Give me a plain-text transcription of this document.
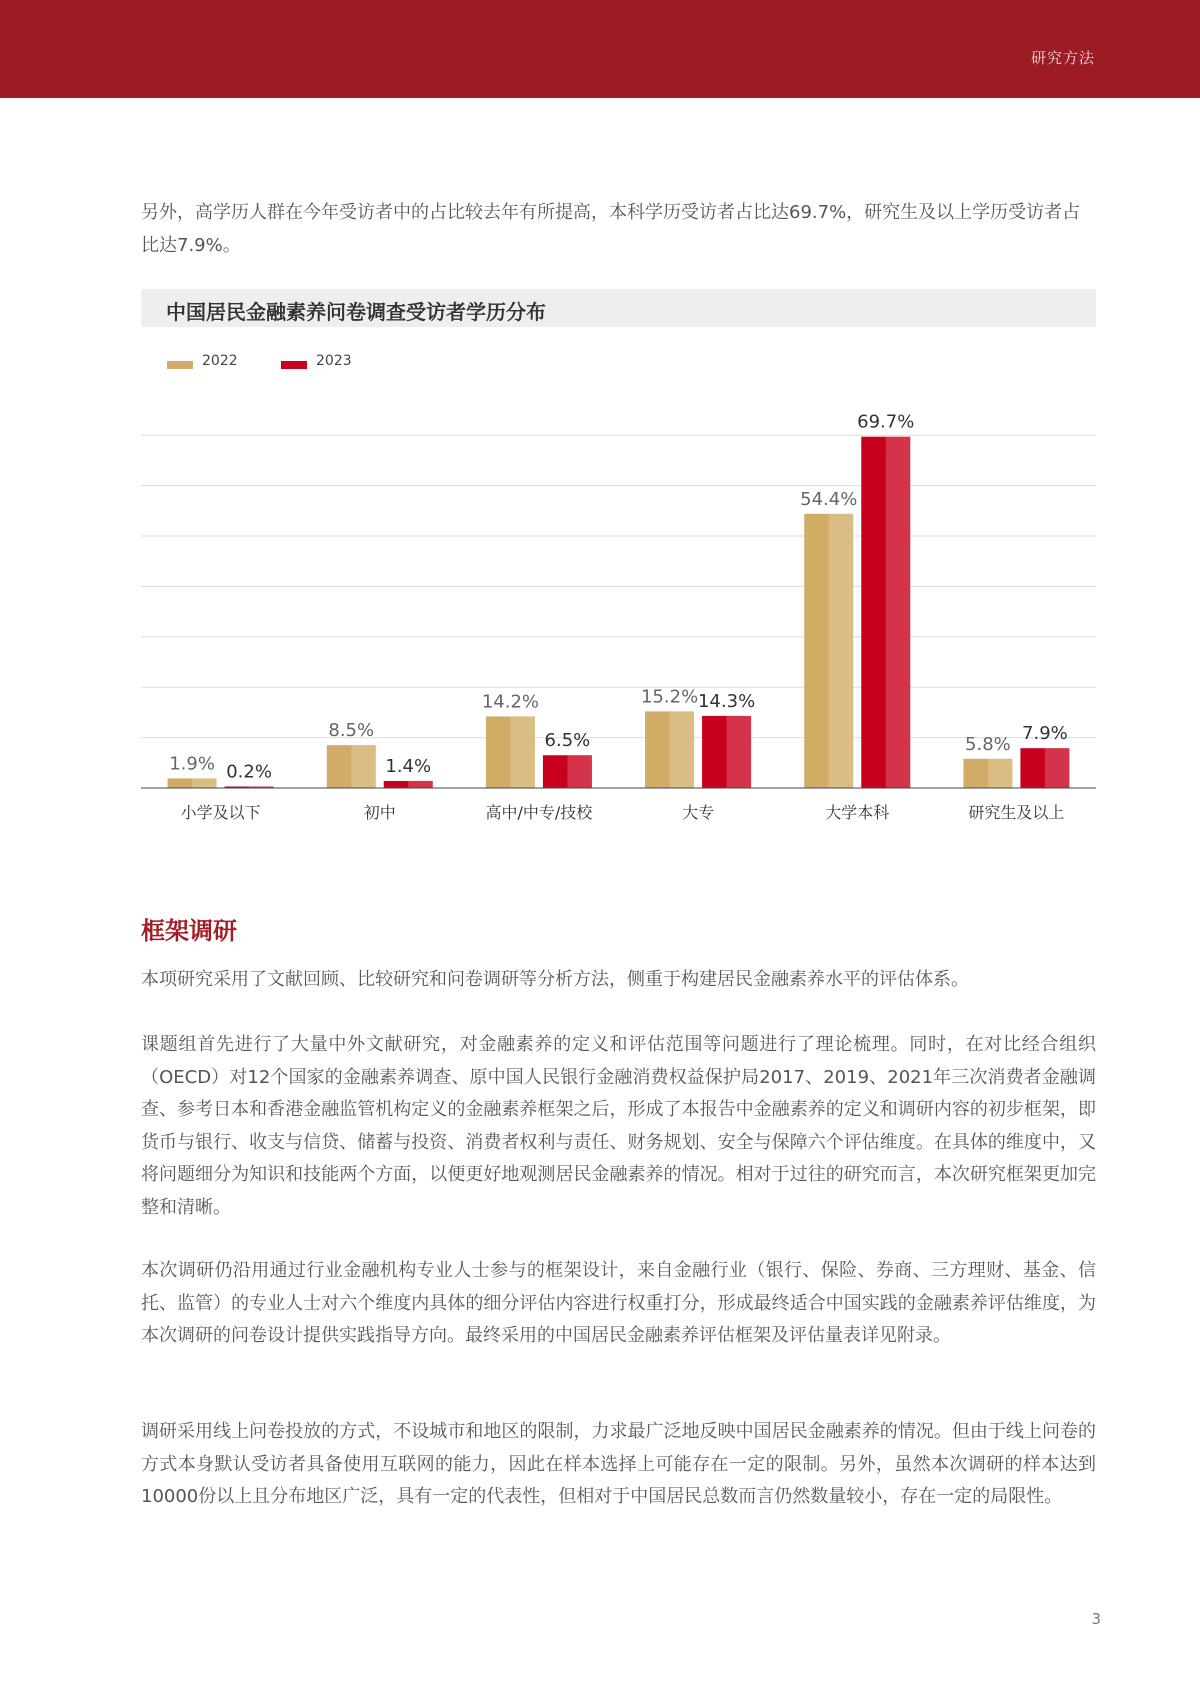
研究方法
另外，高学历人群在今年受访者中的占比较去年有所提高，本科学历受访者占比达69.7%，研究生及以上学历受访者占比达7.9%。
中国居民金融素养问卷调查受访者学历分布
2022	2023
1.9% 0.2%
小学及以下
8.5%
1.4%
初中
14.2%
6.5%
高中/中专/技校
15.2% 14.3%
大专
54.4%
69.7%
大学本科
5.8%
7.9%
研究生及以上
框架调研
本项研究采用了文献回顾、比较研究和问卷调研等分析方法，侧重于构建居民金融素养水平的评估体系。
课题组首先进行了大量中外文献研究，对金融素养的定义和评估范围等问题进行了理论梳理。同时，在对比经合组织（OECD）对12个国家的金融素养调查、原中国人民银行金融消费权益保护局2017、2019、2021年三次消费者金融调查、参考日本和香港金融监管机构定义的金融素养框架之后，形成了本报告中金融素养的定义和调研内容的初步框架，即货币与银行、收支与信贷、储蓄与投资、消费者权利与责任、财务规划、安全与保障六个评估维度。在具体的维度中，又将问题细分为知识和技能两个方面，以便更好地观测居民金融素养的情况。相对于过往的研究而言，本次研究框架更加完整和清晰。
本次调研仍沿用通过行业金融机构专业人士参与的框架设计，来自金融行业（银行、保险、券商、三方理财、基金、信托、监管）的专业人士对六个维度内具体的细分评估内容进行权重打分，形成最终适合中国实践的金融素养评估维度，为本次调研的问卷设计提供实践指导方向。最终采用的中国居民金融素养评估框架及评估量表详见附录。
调研采用线上问卷投放的方式，不设城市和地区的限制，力求最广泛地反映中国居民金融素养的情况。但由于线上问卷的方式本身默认受访者具备使用互联网的能力，因此在样本选择上可能存在一定的限制。另外，虽然本次调研的样本达到10000份以上且分布地区广泛，具有一定的代表性，但相对于中国居民总数而言仍然数量较小，存在一定的局限性。
3
